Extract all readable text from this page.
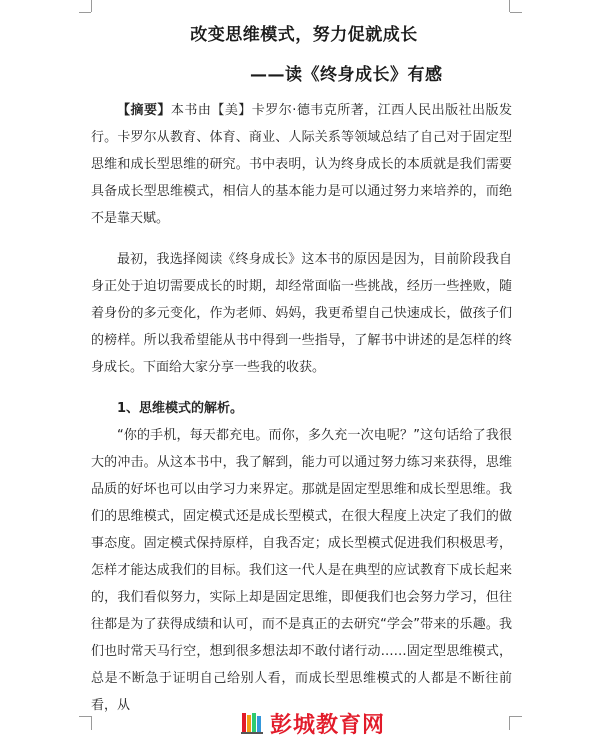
改变思维模式，努力促就成长
——读《终身成长》有感

【摘要】本书由【美】卡罗尔·德韦克所著，江西人民出版社出版发行。卡罗尔从教育、体育、商业、人际关系等领域总结了自己对于固定型思维和成长型思维的研究。书中表明，认为终身成长的本质就是我们需要具备成长型思维模式，相信人的基本能力是可以通过努力来培养的，而绝不是靠天赋。

最初，我选择阅读《终身成长》这本书的原因是因为，目前阶段我自身正处于迫切需要成长的时期，却经常面临一些挑战，经历一些挫败，随着身份的多元变化，作为老师、妈妈，我更希望自己快速成长，做孩子们的榜样。所以我希望能从书中得到一些指导，了解书中讲述的是怎样的终身成长。下面给大家分享一些我的收获。

1、思维模式的解析。

“你的手机，每天都充电。而你，多久充一次电呢？”这句话给了我很大的冲击。从这本书中，我了解到，能力可以通过努力练习来获得，思维品质的好坏也可以由学习力来界定。那就是固定型思维和成长型思维。我们的思维模式，固定模式还是成长型模式，在很大程度上决定了我们的做事态度。固定模式保持原样，自我否定；成长型模式促进我们积极思考，怎样才能达成我们的目标。我们这一代人是在典型的应试教育下成长起来的，我们看似努力，实际上却是固定思维，即便我们也会努力学习，但往往都是为了获得成绩和认可，而不是真正的去研究“学会”带来的乐趣。我们也时常天马行空，想到很多想法却不敢付诸行动……固定型思维模式，总是不断急于证明自己给别人看，而成长型思维模式的人都是不断往前看，从

彭城教育网
